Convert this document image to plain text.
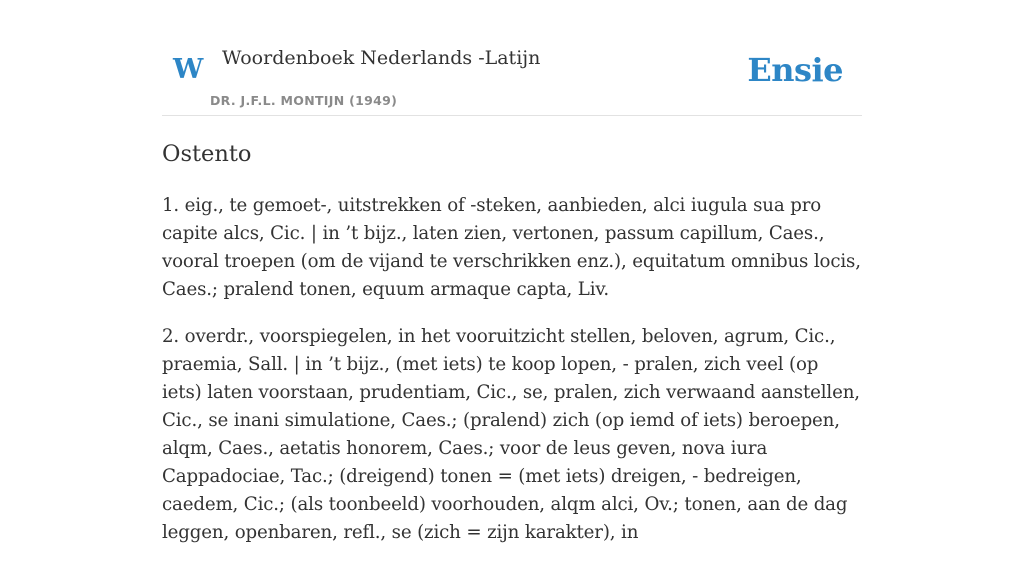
W Woordenboek Nederlands -Latijn
DR. J.F.L. MONTIJN (1949)
Ensie
Ostento

1. eig., te gemoet-, uitstrekken of -steken, aanbieden, alci iugula sua pro capite alcs, Cic. | in ’t bijz., laten zien, vertonen, passum capillum, Caes., vooral troepen (om de vijand te verschrikken enz.), equitatum omnibus locis, Caes.; pralend tonen, equum armaque capta, Liv.

2. overdr., voorspiegelen, in het vooruitzicht stellen, beloven, agrum, Cic., praemia, Sall. | in ’t bijz., (met iets) te koop lopen, - pralen, zich veel (op iets) laten voorstaan, prudentiam, Cic., se, pralen, zich verwaand aanstellen, Cic., se inani simulatione, Caes.; (pralend) zich (op iemd of iets) beroepen, alqm, Caes., aetatis honorem, Caes.; voor de leus geven, nova iura Cappadociae, Tac.; (dreigend) tonen = (met iets) dreigen, - bedreigen, caedem, Cic.; (als toonbeeld) voorhouden, alqm alci, Ov.; tonen, aan de dag leggen, openbaren, refl., se (zich = zijn karakter), in
